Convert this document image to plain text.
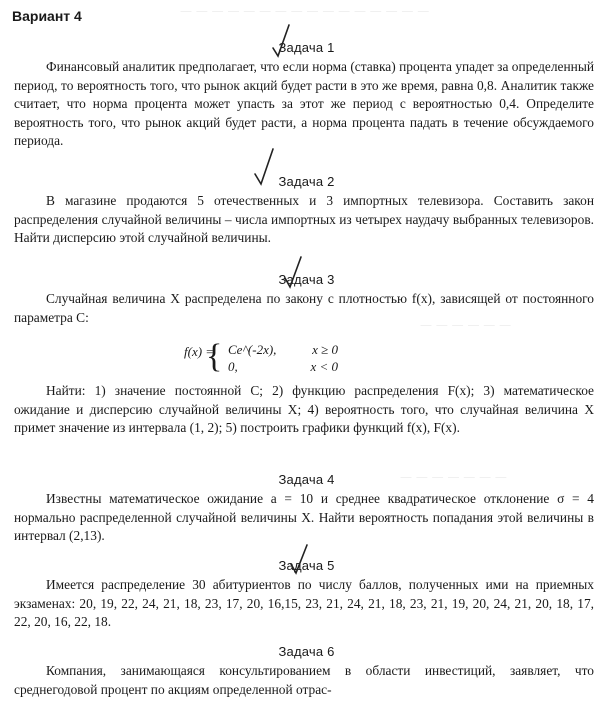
— — — — — — — — — — — — — — — —
— — — — — —
— — — — — — —
Вариант 4
Задача 1
Финансовый аналитик предполагает, что если норма (ставка) процента упадет за определенный период, то вероятность того, что рынок акций будет расти в это же время, равна 0,8. Аналитик также считает, что норма процента может упасть за этот же период с вероятностью 0,4. Определите вероятность того, что рынок акций будет расти, а норма процента падать в течение обсуждаемого периода.
Задача 2
В магазине продаются 5 отечественных и 3 импортных телевизора. Составить закон распределения случайной величины – числа импортных из четырех наудачу выбранных телевизоров. Найти дисперсию этой случайной величины.
Задача 3
Случайная величина X распределена по закону с плотностью f(x), зависящей от постоянного параметра C:
f(x) =
{ Ce^(-2x),	x ≥ 0
0,	x < 0
Найти: 1) значение постоянной C; 2) функцию распределения F(x); 3) математическое ожидание и дисперсию случайной величины X; 4) вероятность того, что случайная величина X примет значение из интервала (1, 2); 5) построить графики функций f(x), F(x).
Задача 4
Известны математическое ожидание a = 10 и среднее квадратическое отклонение σ = 4 нормально распределенной случайной величины X. Найти вероятность попадания этой величины в интервал (2,13).
Задача 5
Имеется распределение 30 абитуриентов по числу баллов, полученных ими на приемных экзаменах: 20, 19, 22, 24, 21, 18, 23, 17, 20, 16,15, 23, 21, 24, 21, 18, 23, 21, 19, 20, 24, 21, 20, 18, 17, 22, 20, 16, 22, 18.
Задача 6
Компания, занимающаяся консультированием в области инвестиций, заявляет, что среднегодовой процент по акциям определенной отрас-
